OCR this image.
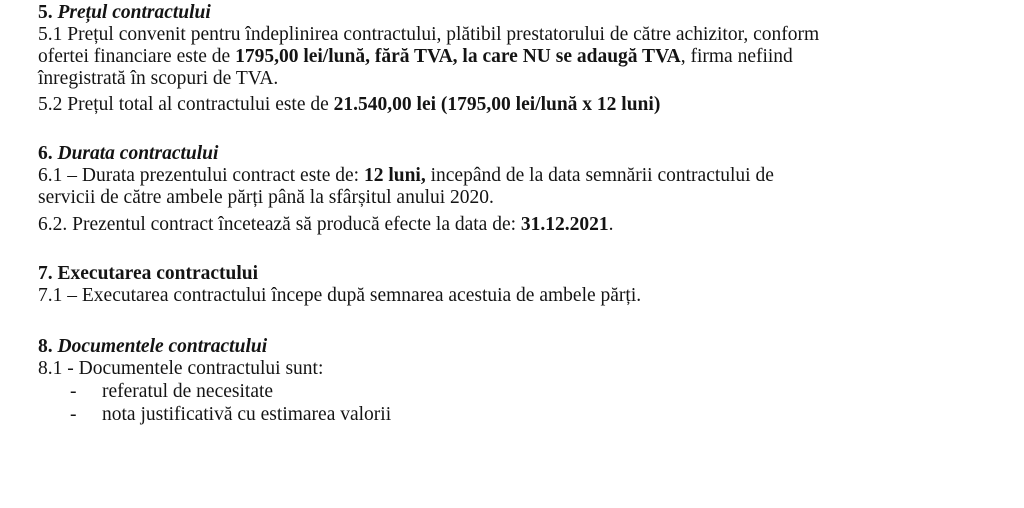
5. Prețul contractului
5.1 Prețul convenit pentru îndeplinirea contractului, plătibil prestatorului de către achizitor, conform
ofertei financiare este de 1795,00 lei/lună, fără TVA, la care NU se adaugă TVA, firma nefiind
înregistrată în scopuri de TVA.
5.2 Prețul total al contractului este de 21.540,00 lei (1795,00 lei/lună x 12 luni)
6. Durata contractului
6.1 – Durata prezentului contract este de: 12 luni, incepând de la data semnării contractului de
servicii de către ambele părți până la sfârșitul anului 2020.
6.2. Prezentul contract încetează să producă efecte la data de: 31.12.2021.
7. Executarea contractului
7.1 – Executarea contractului începe după semnarea acestuia de ambele părți.
8. Documentele contractului
8.1 - Documentele contractului sunt:
- referatul de necesitate
- nota justificativă cu estimarea valorii
